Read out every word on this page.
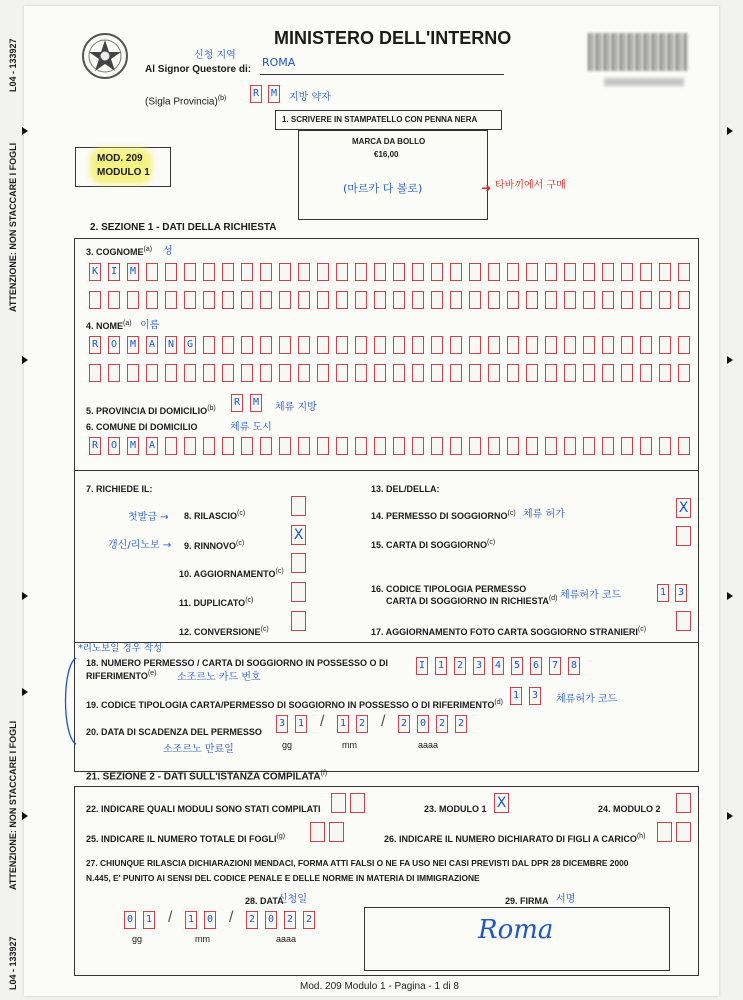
L04 - 133927
ATTENZIONE: NON STACCARE I FOGLI
ATTENZIONE: NON STACCARE I FOGLI
L04 - 133927
MINISTERO DELL'INTERNO
신청 지역
Al Signor Questore di:
ROMA
(Sigla Provincia)$^{(b)}$	R M 지방 약자
1. SCRIVERE IN STAMPATELLO CON PENNA NERA
MOD. 209
MODULO 1
MARCA DA BOLLO
€16,00
(마르카 다 볼로)	➜ 타바끼에서 구매
2. SEZIONE 1 - DATI DELLA RICHIESTA
3. COGNOME$^{(a)}$ 성
K I M
4. NOME$^{(a)}$ 이름
R O M A N G
5. PROVINCIA DI DOMICILIO$^{(b)}$
R M 체류 지방
6. COMUNE DI DOMICILIO	체류 도시
R O M A
7. RICHIEDE IL:	13. DEL/DELLA:
첫발급 → 8. RILASCIO$^{(c)}$
갱신/리노보 → 9. RINNOVO$^{(c)}$
X
10. AGGIORNAMENTO$^{(c)}$
11. DUPLICATO$^{(c)}$
12. CONVERSIONE$^{(c)}$
14. PERMESSO DI SOGGIORNO$^{(c)}$ 체류 허가	X
15. CARTA DI SOGGIORNO$^{(c)}$
16. CODICE TIPOLOGIA PERMESSO
CARTA DI SOGGIORNO IN RICHIESTA$^{(d)}$ 체류허가 코드	1 3
17. AGGIORNAMENTO FOTO CARTA SOGGIORNO STRANIERI$^{(c)}$
*리노보일 경우 작성
18. NUMERO PERMESSO / CARTA DI SOGGIORNO IN POSSESSO O DI
RIFERIMENTO$^{(e)}$ 소조르노 카드 번호
I 1 2 3 4 5 6 7 8
19. CODICE TIPOLOGIA CARTA/PERMESSO DI SOGGIORNO IN POSSESSO O DI RIFERIMENTO$^{(d)}$
1 3 체류허가 코드
20. DATA DI SCADENZA DEL PERMESSO
소조르노 만료일
3 1	1 2	2 0 2 2
/	/
gg	mm	aaaa
21. SEZIONE 2 - DATI SULL'ISTANZA COMPILATA$^{(f)}$
22. INDICARE QUALI MODULI SONO STATI COMPILATI	23. MODULO 1 X	24. MODULO 2
25. INDICARE IL NUMERO TOTALE DI FOGLI$^{(g)}$	26. INDICARE IL NUMERO DICHIARATO DI FIGLI A CARICO$^{(h)}$
27. CHIUNQUE RILASCIA DICHIARAZIONI MENDACI, FORMA ATTI FALSI O NE FA USO NEI CASI PREVISTI DAL DPR 28 DICEMBRE 2000
N.445, E' PUNITO AI SENSI DEL CODICE PENALE E DELLE NORME IN MATERIA DI IMMIGRAZIONE
28. DATA
신청일
0 1	1 0	2 0 2 2
/	/
gg	mm	aaaa
29. FIRMA 서명
Roma
Mod. 209 Modulo 1 - Pagina - 1 di 8
